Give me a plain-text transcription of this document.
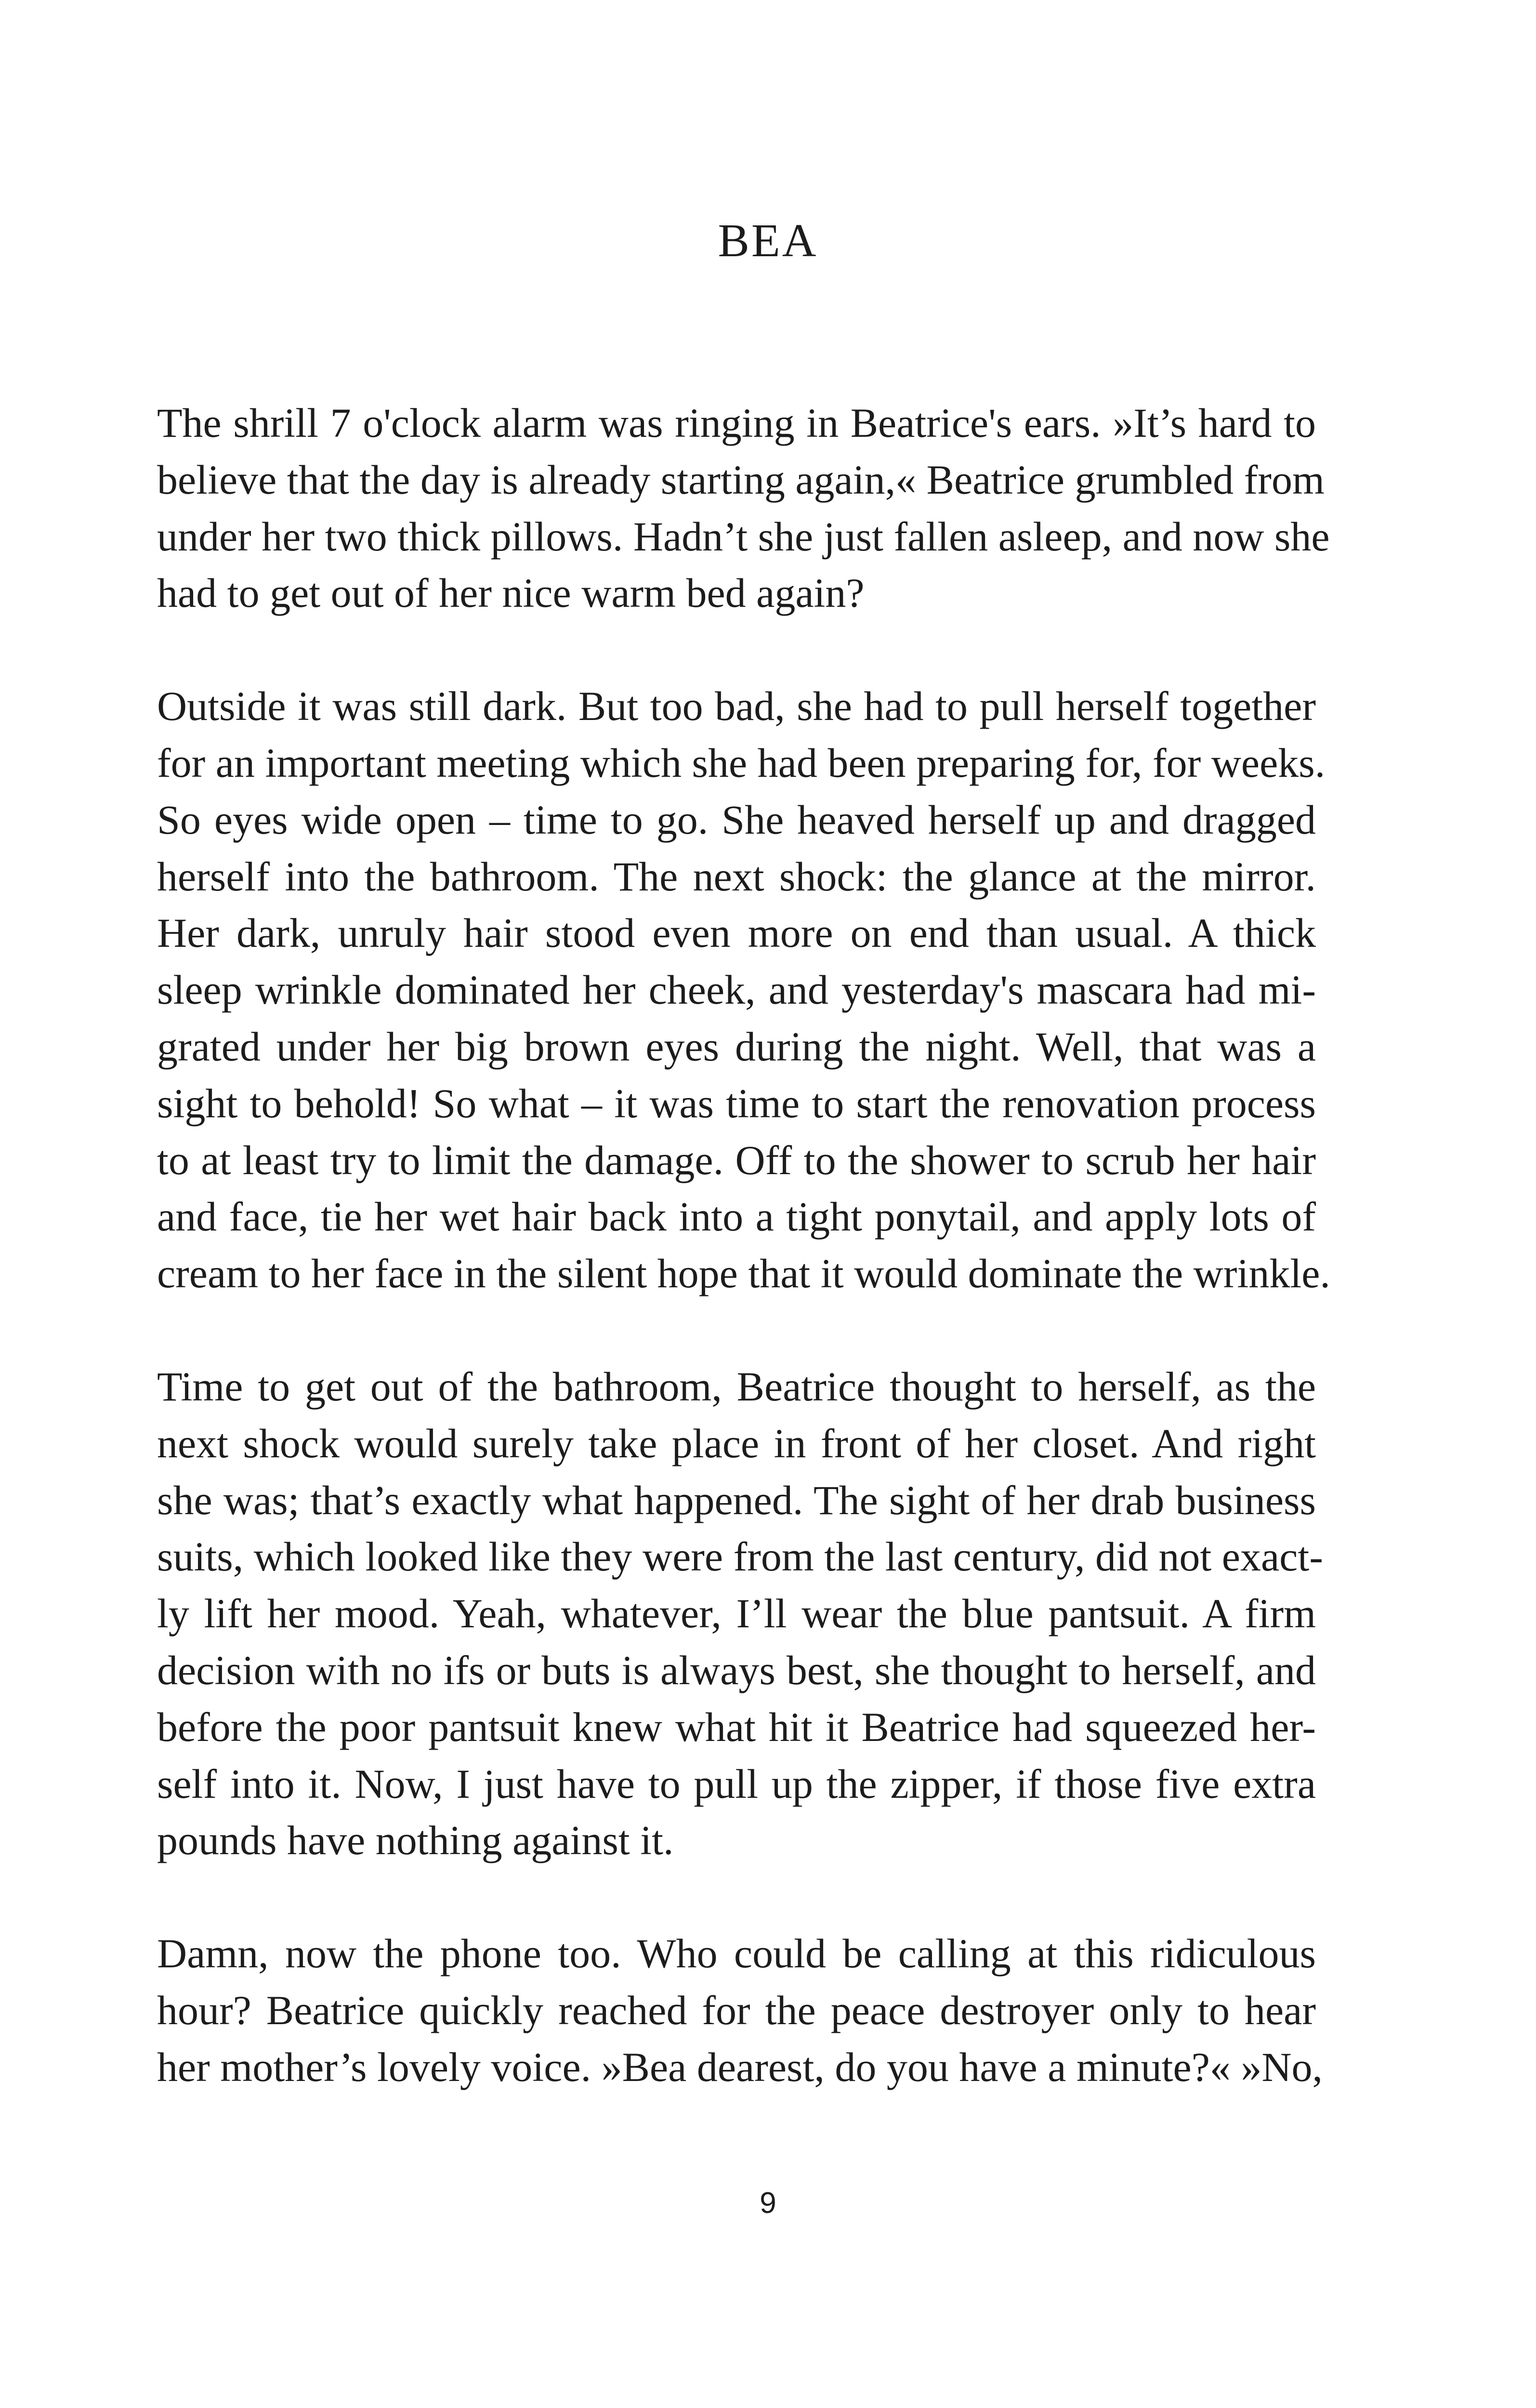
BEA
The shrill 7 o'clock alarm was ringing in Beatrice's ears. »It’s hard to
believe that the day is already starting again,« Beatrice grumbled from
under her two thick pillows. Hadn’t she just fallen asleep, and now she
had to get out of her nice warm bed again?
Outside it was still dark. But too bad, she had to pull herself together
for an important meeting which she had been preparing for, for weeks.
So eyes wide open – time to go. She heaved herself up and dragged
herself into the bathroom. The next shock: the glance at the mirror.
Her dark, unruly hair stood even more on end than usual. A thick
sleep wrinkle dominated her cheek, and yesterday's mascara had mi-
grated under her big brown eyes during the night. Well, that was a
sight to behold! So what – it was time to start the renovation process
to at least try to limit the damage. Off to the shower to scrub her hair
and face, tie her wet hair back into a tight ponytail, and apply lots of
cream to her face in the silent hope that it would dominate the wrinkle.
Time to get out of the bathroom, Beatrice thought to herself, as the
next shock would surely take place in front of her closet. And right
she was; that’s exactly what happened. The sight of her drab business
suits, which looked like they were from the last century, did not exact-
ly lift her mood. Yeah, whatever, I’ll wear the blue pantsuit. A firm
decision with no ifs or buts is always best, she thought to herself, and
before the poor pantsuit knew what hit it Beatrice had squeezed her-
self into it. Now, I just have to pull up the zipper, if those five extra
pounds have nothing against it.
Damn, now the phone too. Who could be calling at this ridiculous
hour? Beatrice quickly reached for the peace destroyer only to hear
her mother’s lovely voice. »Bea dearest, do you have a minute?« »No,
9
